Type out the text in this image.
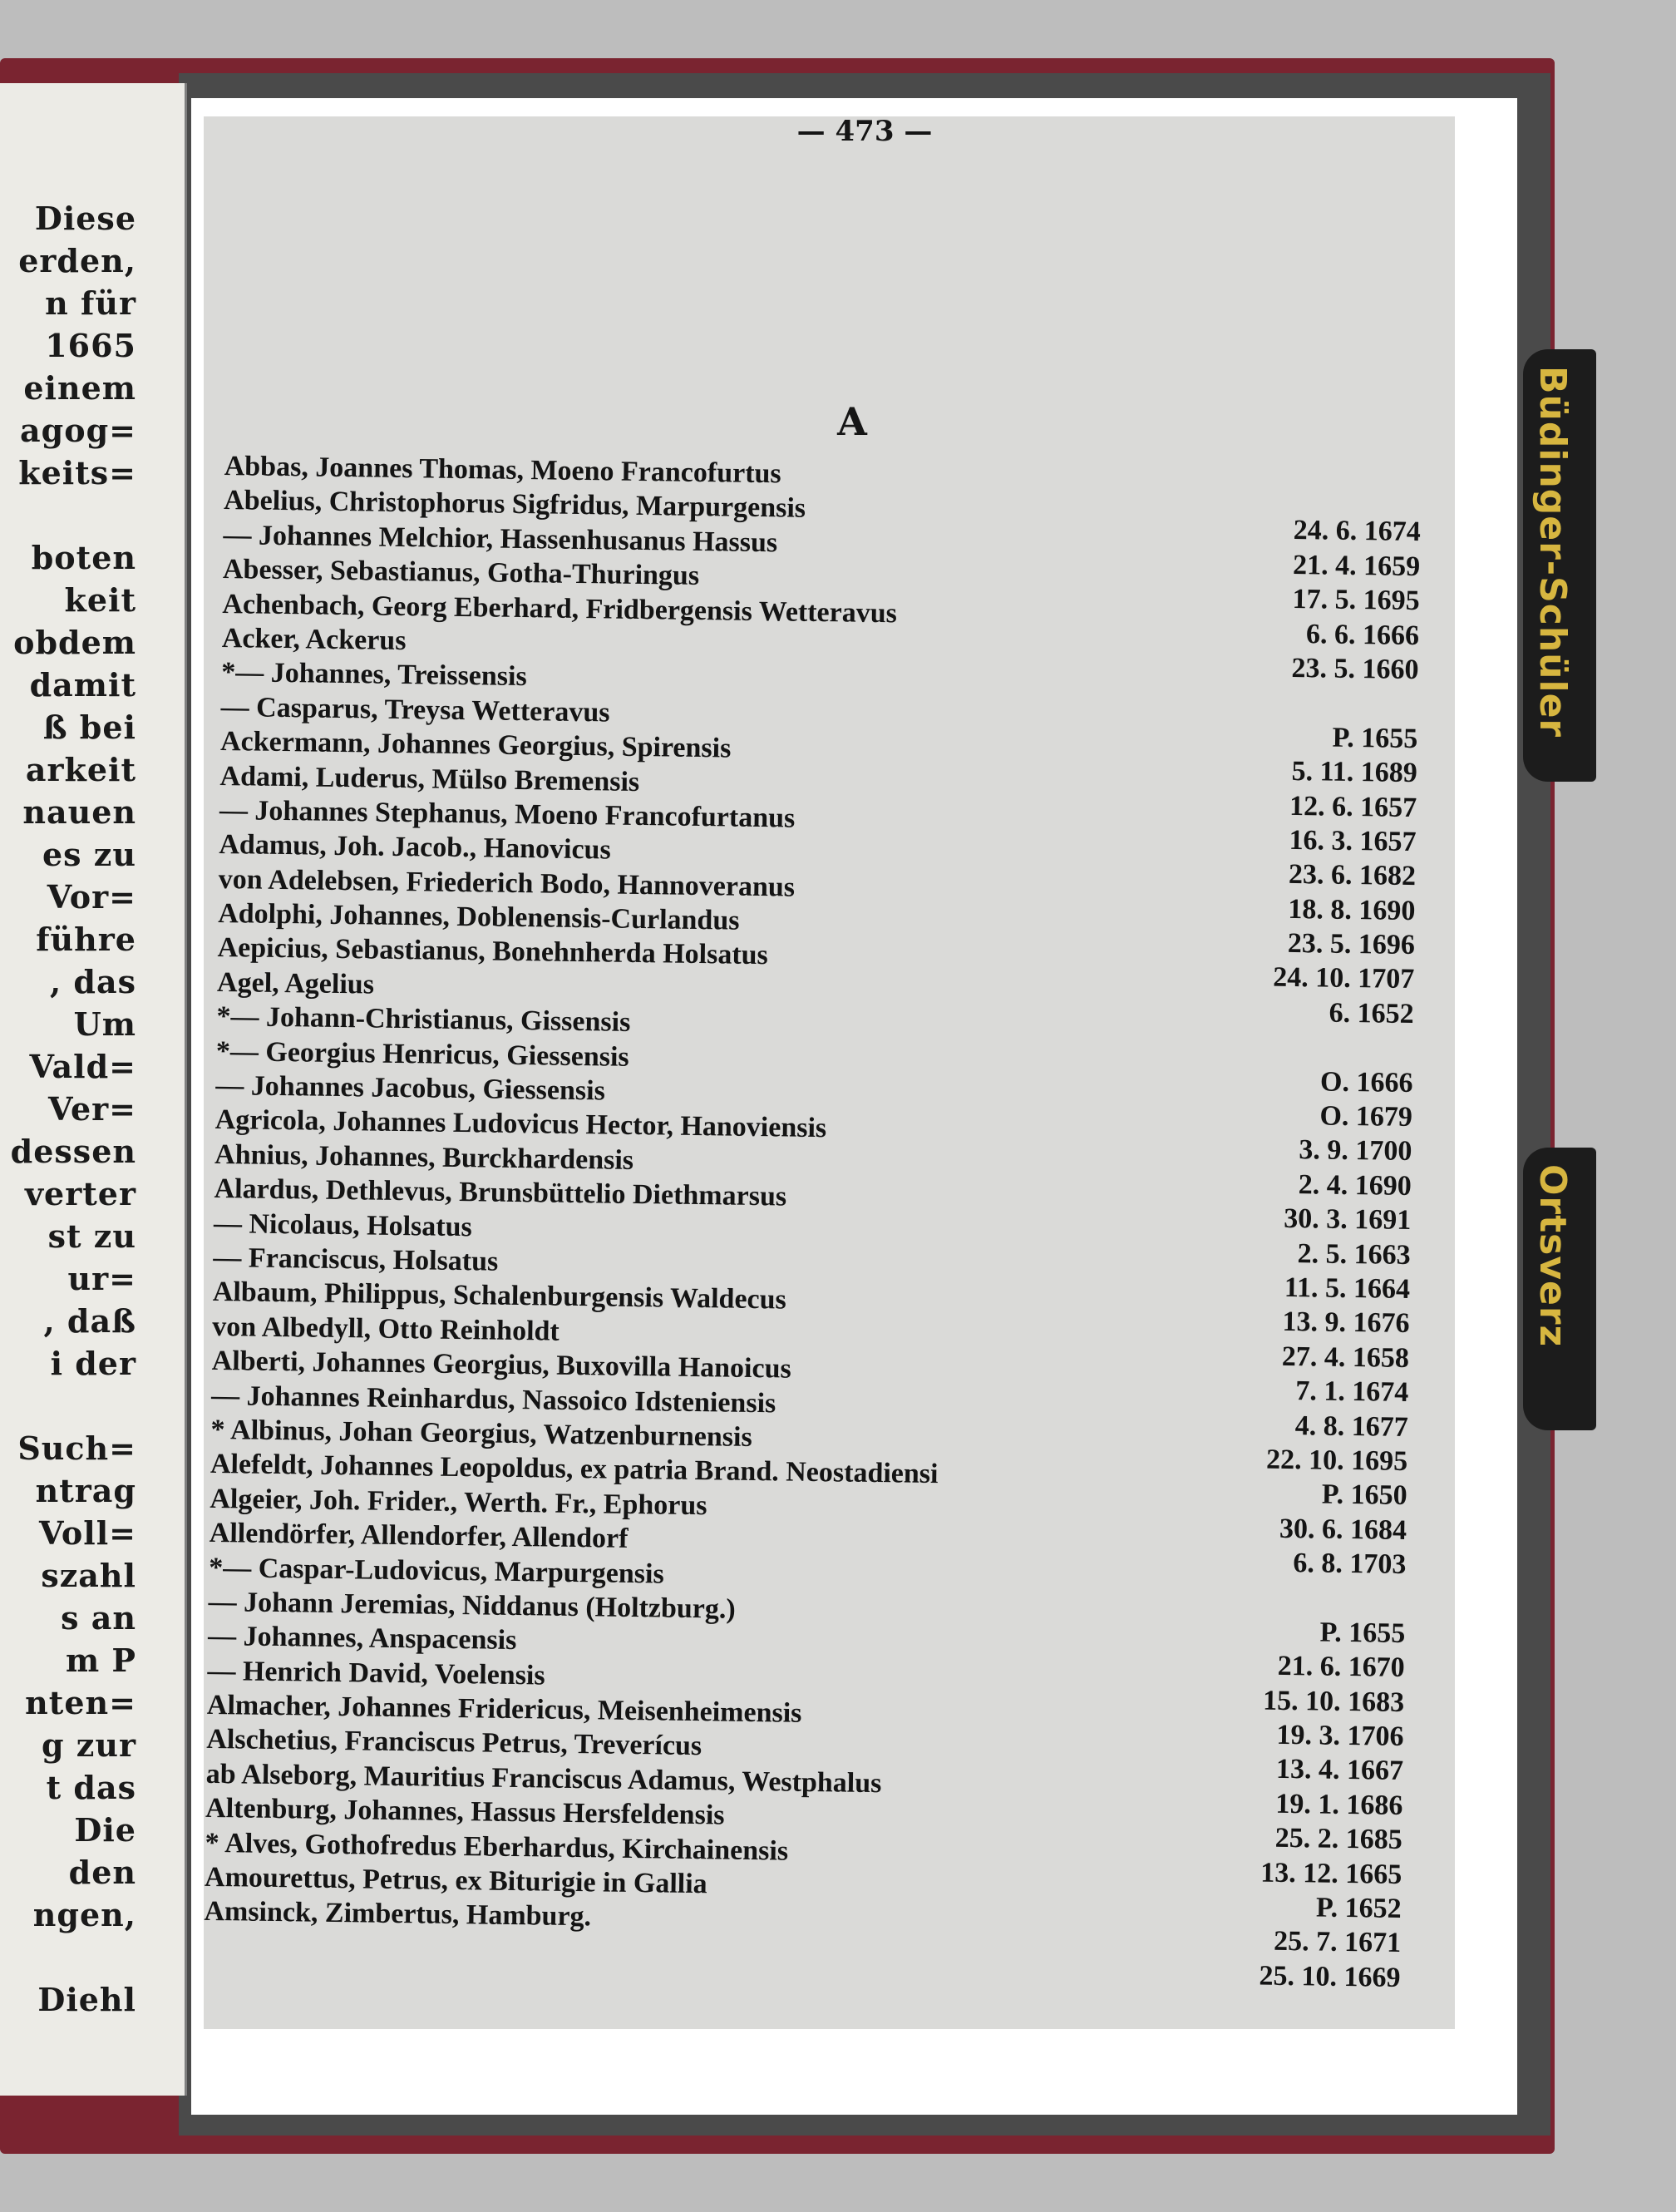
Diese
erden,
n für
1665
einem
agog=
keits=
boten
keit
obdem
damit
ß bei
arkeit
nauen
es zu
Vor=
führe
, das
Um
Vald=
Ver=
dessen
verter
st zu
ur=
, daß
i der
Such=
ntrag
Voll=
szahl
s an
m P
nten=
g zur
t das
Die
den
ngen,
Diehl
— 473 —
A
Abbas, Joannes Thomas, Moeno Francofurtus
Abelius, Christophorus Sigfridus, Marpurgensis
24. 6. 1674
— Johannes Melchior, Hassenhusanus Hassus
21. 4. 1659
Abesser, Sebastianus, Gotha-Thuringus
17. 5. 1695
Achenbach, Georg Eberhard, Fridbergensis Wetteravus
6. 6. 1666
Acker, Ackerus
23. 5. 1660
*— Johannes, Treissensis
— Casparus, Treysa Wetteravus
P. 1655
Ackermann, Johannes Georgius, Spirensis
5. 11. 1689
Adami, Luderus, Mülso Bremensis
12. 6. 1657
— Johannes Stephanus, Moeno Francofurtanus
16. 3. 1657
Adamus, Joh. Jacob., Hanovicus
23. 6. 1682
von Adelebsen, Friederich Bodo, Hannoveranus
18. 8. 1690
Adolphi, Johannes, Doblenensis-Curlandus
23. 5. 1696
Aepicius, Sebastianus, Bonehnherda Holsatus
24. 10. 1707
Agel, Agelius
6. 1652
*— Johann-Christianus, Gissensis
*— Georgius Henricus, Giessensis
O. 1666
— Johannes Jacobus, Giessensis
O. 1679
Agricola, Johannes Ludovicus Hector, Hanoviensis
3. 9. 1700
Ahnius, Johannes, Burckhardensis
2. 4. 1690
Alardus, Dethlevus, Brunsbüttelio Diethmarsus
30. 3. 1691
— Nicolaus, Holsatus
2. 5. 1663
— Franciscus, Holsatus
11. 5. 1664
Albaum, Philippus, Schalenburgensis Waldecus
13. 9. 1676
von Albedyll, Otto Reinholdt
27. 4. 1658
Alberti, Johannes Georgius, Buxovilla Hanoicus
7. 1. 1674
— Johannes Reinhardus, Nassoico Idsteniensis
4. 8. 1677
* Albinus, Johan Georgius, Watzenburnensis
22. 10. 1695
Alefeldt, Johannes Leopoldus, ex patria Brand. Neostadiensi
P. 1650
Algeier, Joh. Frider., Werth. Fr., Ephorus
30. 6. 1684
Allendörfer, Allendorfer, Allendorf
6. 8. 1703
*— Caspar-Ludovicus, Marpurgensis
— Johann Jeremias, Niddanus (Holtzburg.)
P. 1655
— Johannes, Anspacensis
21. 6. 1670
— Henrich David, Voelensis
15. 10. 1683
Almacher, Johannes Fridericus, Meisenheimensis
19. 3. 1706
Alschetius, Franciscus Petrus, Treverícus
13. 4. 1667
ab Alseborg, Mauritius Franciscus Adamus, Westphalus
19. 1. 1686
Altenburg, Johannes, Hassus Hersfeldensis
25. 2. 1685
* Alves, Gothofredus Eberhardus, Kirchainensis
13. 12. 1665
Amourettus, Petrus, ex Biturigie in Gallia
P. 1652
Amsinck, Zimbertus, Hamburg.
25. 7. 1671
25. 10. 1669
Büdinger-Schüler
Ortsverz
